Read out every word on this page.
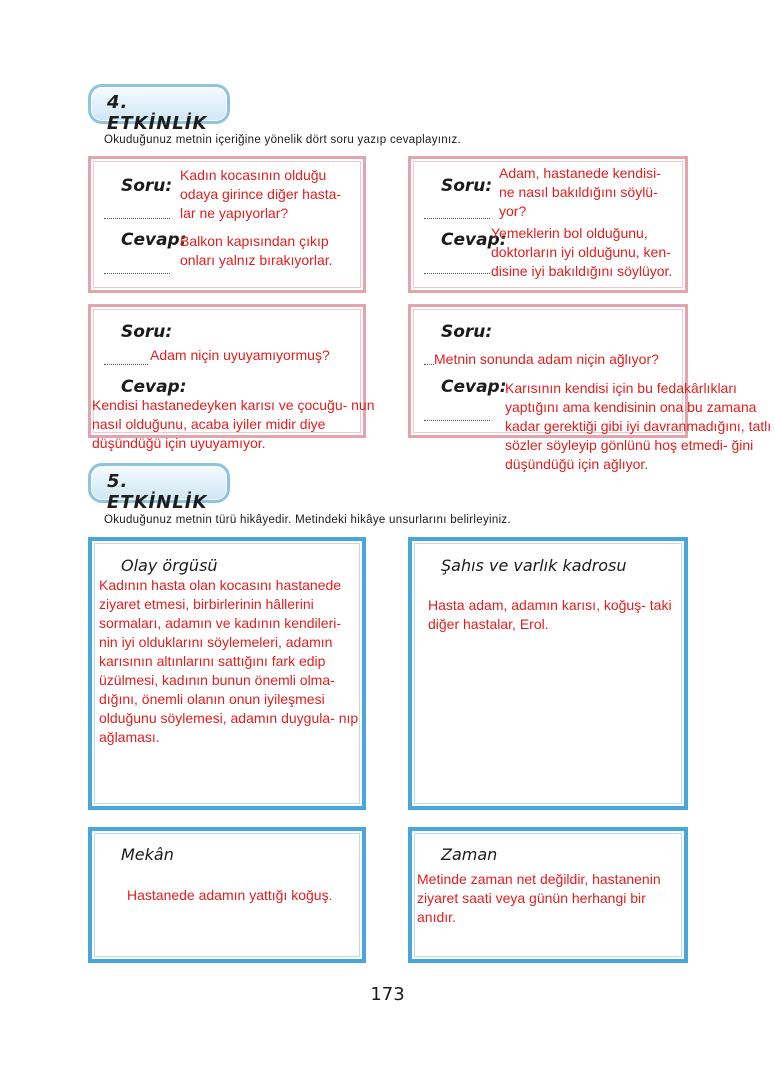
4. ETKİNLİK
Okuduğunuz metnin içeriğine yönelik dört soru yazıp cevaplayınız.
Soru:
Cevap:
Kadın kocasının olduğu odaya girince diğer hasta- lar ne yapıyorlar?
Balkon kapısından çıkıp onları yalnız bırakıyorlar.
Soru:
Cevap:
Adam, hastanede kendisi- ne nasıl bakıldığını söylü- yor?
Yemeklerin bol olduğunu, doktorların iyi olduğunu, ken- disine iyi bakıldığını söylüyor.
Soru:
Cevap:
Adam niçin uyuyamıyormuş?
Kendisi hastanedeyken karısı ve çocuğu- nun nasıl olduğunu, acaba iyiler midir diye düşündüğü için uyuyamıyor.
Soru:
Cevap:
Metnin sonunda adam niçin ağlıyor?
Karısının kendisi için bu fedakârlıkları yaptığını ama kendisinin ona bu zamana kadar gerektiği gibi iyi davranmadığını, tatlı sözler söyleyip gönlünü hoş etmedi- ğini düşündüğü için ağlıyor.
5. ETKİNLİK
Okuduğunuz metnin türü hikâyedir. Metindeki hikâye unsurlarını belirleyiniz.
Olay örgüsü
Kadının hasta olan kocasını hastanede ziyaret etmesi, birbirlerinin hâllerini sormaları, adamın ve kadının kendileri- nin iyi olduklarını söylemeleri, adamın karısının altınlarını sattığını fark edip üzülmesi, kadının bunun önemli olma- dığını, önemli olanın onun iyileşmesi olduğunu söylemesi, adamın duygula- nıp ağlaması.
Şahıs ve varlık kadrosu
Hasta adam, adamın karısı, koğuş- taki diğer hastalar, Erol.
Mekân
Hastanede adamın yattığı koğuş.
Zaman
Metinde zaman net değildir, hastanenin ziyaret saati veya günün herhangi bir anıdır.
173
